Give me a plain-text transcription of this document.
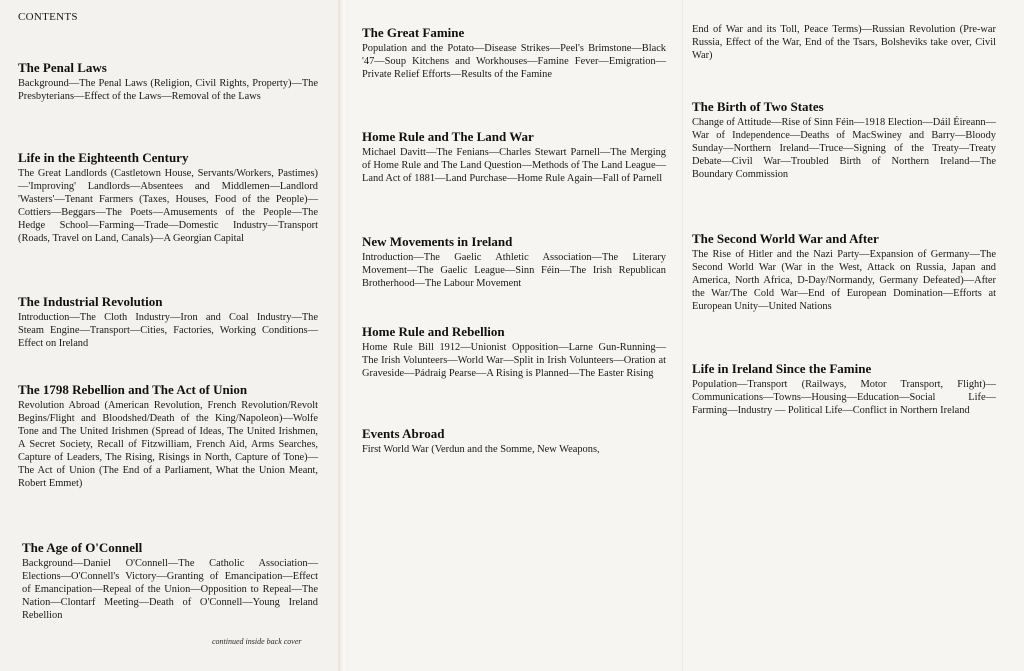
CONTENTS
The Penal Laws

Background—The Penal Laws (Religion, Civil Rights, Property)—The Presbyterians—Effect of the Laws—Removal of the Laws

Life in the Eighteenth Century

The Great Landlords (Castletown House, Servants/Workers, Pastimes)—'Improving' Landlords—Absentees and Middlemen—Landlord 'Wasters'—Tenant Farmers (Taxes, Houses, Food of the People)—Cottiers—Beggars—The Poets—Amusements of the People—The Hedge School—Farming—Trade—Domestic Industry—Transport (Roads, Travel on Land, Canals)—A Georgian Capital

The Industrial Revolution

Introduction—The Cloth Industry—Iron and Coal Industry—The Steam Engine—Transport—Cities, Factories, Working Conditions—Effect on Ireland

The 1798 Rebellion and The Act of Union

Revolution Abroad (American Revolution, French Revolution/Revolt Begins/Flight and Bloodshed/Death of the King/Napoleon)—Wolfe Tone and The United Irishmen (Spread of Ideas, The United Irishmen, A Secret Society, Recall of Fitzwilliam, French Aid, Arms Searches, Capture of Leaders, The Rising, Risings in North, Capture of Tone)—The Act of Union (The End of a Parliament, What the Union Meant, Robert Emmet)

The Age of O'Connell

Background—Daniel O'Connell—The Catholic Association—Elections—O'Connell's Victory—Granting of Emancipation—Effect of Emancipation—Repeal of the Union—Opposition to Repeal—The Nation—Clontarf Meeting—Death of O'Connell—Young Ireland Rebellion

continued inside back cover
The Great Famine

Population and the Potato—Disease Strikes—Peel's Brimstone—Black '47—Soup Kitchens and Workhouses—Famine Fever—Emigration—Private Relief Efforts—Results of the Famine

Home Rule and The Land War

Michael Davitt—The Fenians—Charles Stewart Parnell—The Merging of Home Rule and The Land Question—Methods of The Land League—Land Act of 1881—Land Purchase—Home Rule Again—Fall of Parnell

New Movements in Ireland

Introduction—The Gaelic Athletic Association—The Literary Movement—The Gaelic League—Sinn Féin—The Irish Republican Brotherhood—The Labour Movement

Home Rule and Rebellion

Home Rule Bill 1912—Unionist Opposition—Larne Gun-Running—The Irish Volunteers—World War—Split in Irish Volunteers—Oration at Graveside—Pádraig Pearse—A Rising is Planned—The Easter Rising

Events Abroad

First World War (Verdun and the Somme, New Weapons,

End of War and its Toll, Peace Terms)—Russian Revolution (Pre-war Russia, Effect of the War, End of the Tsars, Bolsheviks take over, Civil War)

The Birth of Two States

Change of Attitude—Rise of Sinn Féin—1918 Election—Dáil Éireann—War of Independence—Deaths of MacSwiney and Barry—Bloody Sunday—Northern Ireland—Truce—Signing of the Treaty—Treaty Debate—Civil War—Troubled Birth of Northern Ireland—The Boundary Commission

The Second World War and After

The Rise of Hitler and the Nazi Party—Expansion of Germany—The Second World War (War in the West, Attack on Russia, Japan and America, North Africa, D-Day/Normandy, Germany Defeated)—After the War/The Cold War—End of European Domination—Efforts at European Unity—United Nations

Life in Ireland Since the Famine

Population—Transport (Railways, Motor Transport, Flight)—Communications—Towns—Housing—Education—Social Life—Farming—Industry — Political Life—Conflict in Northern Ireland
